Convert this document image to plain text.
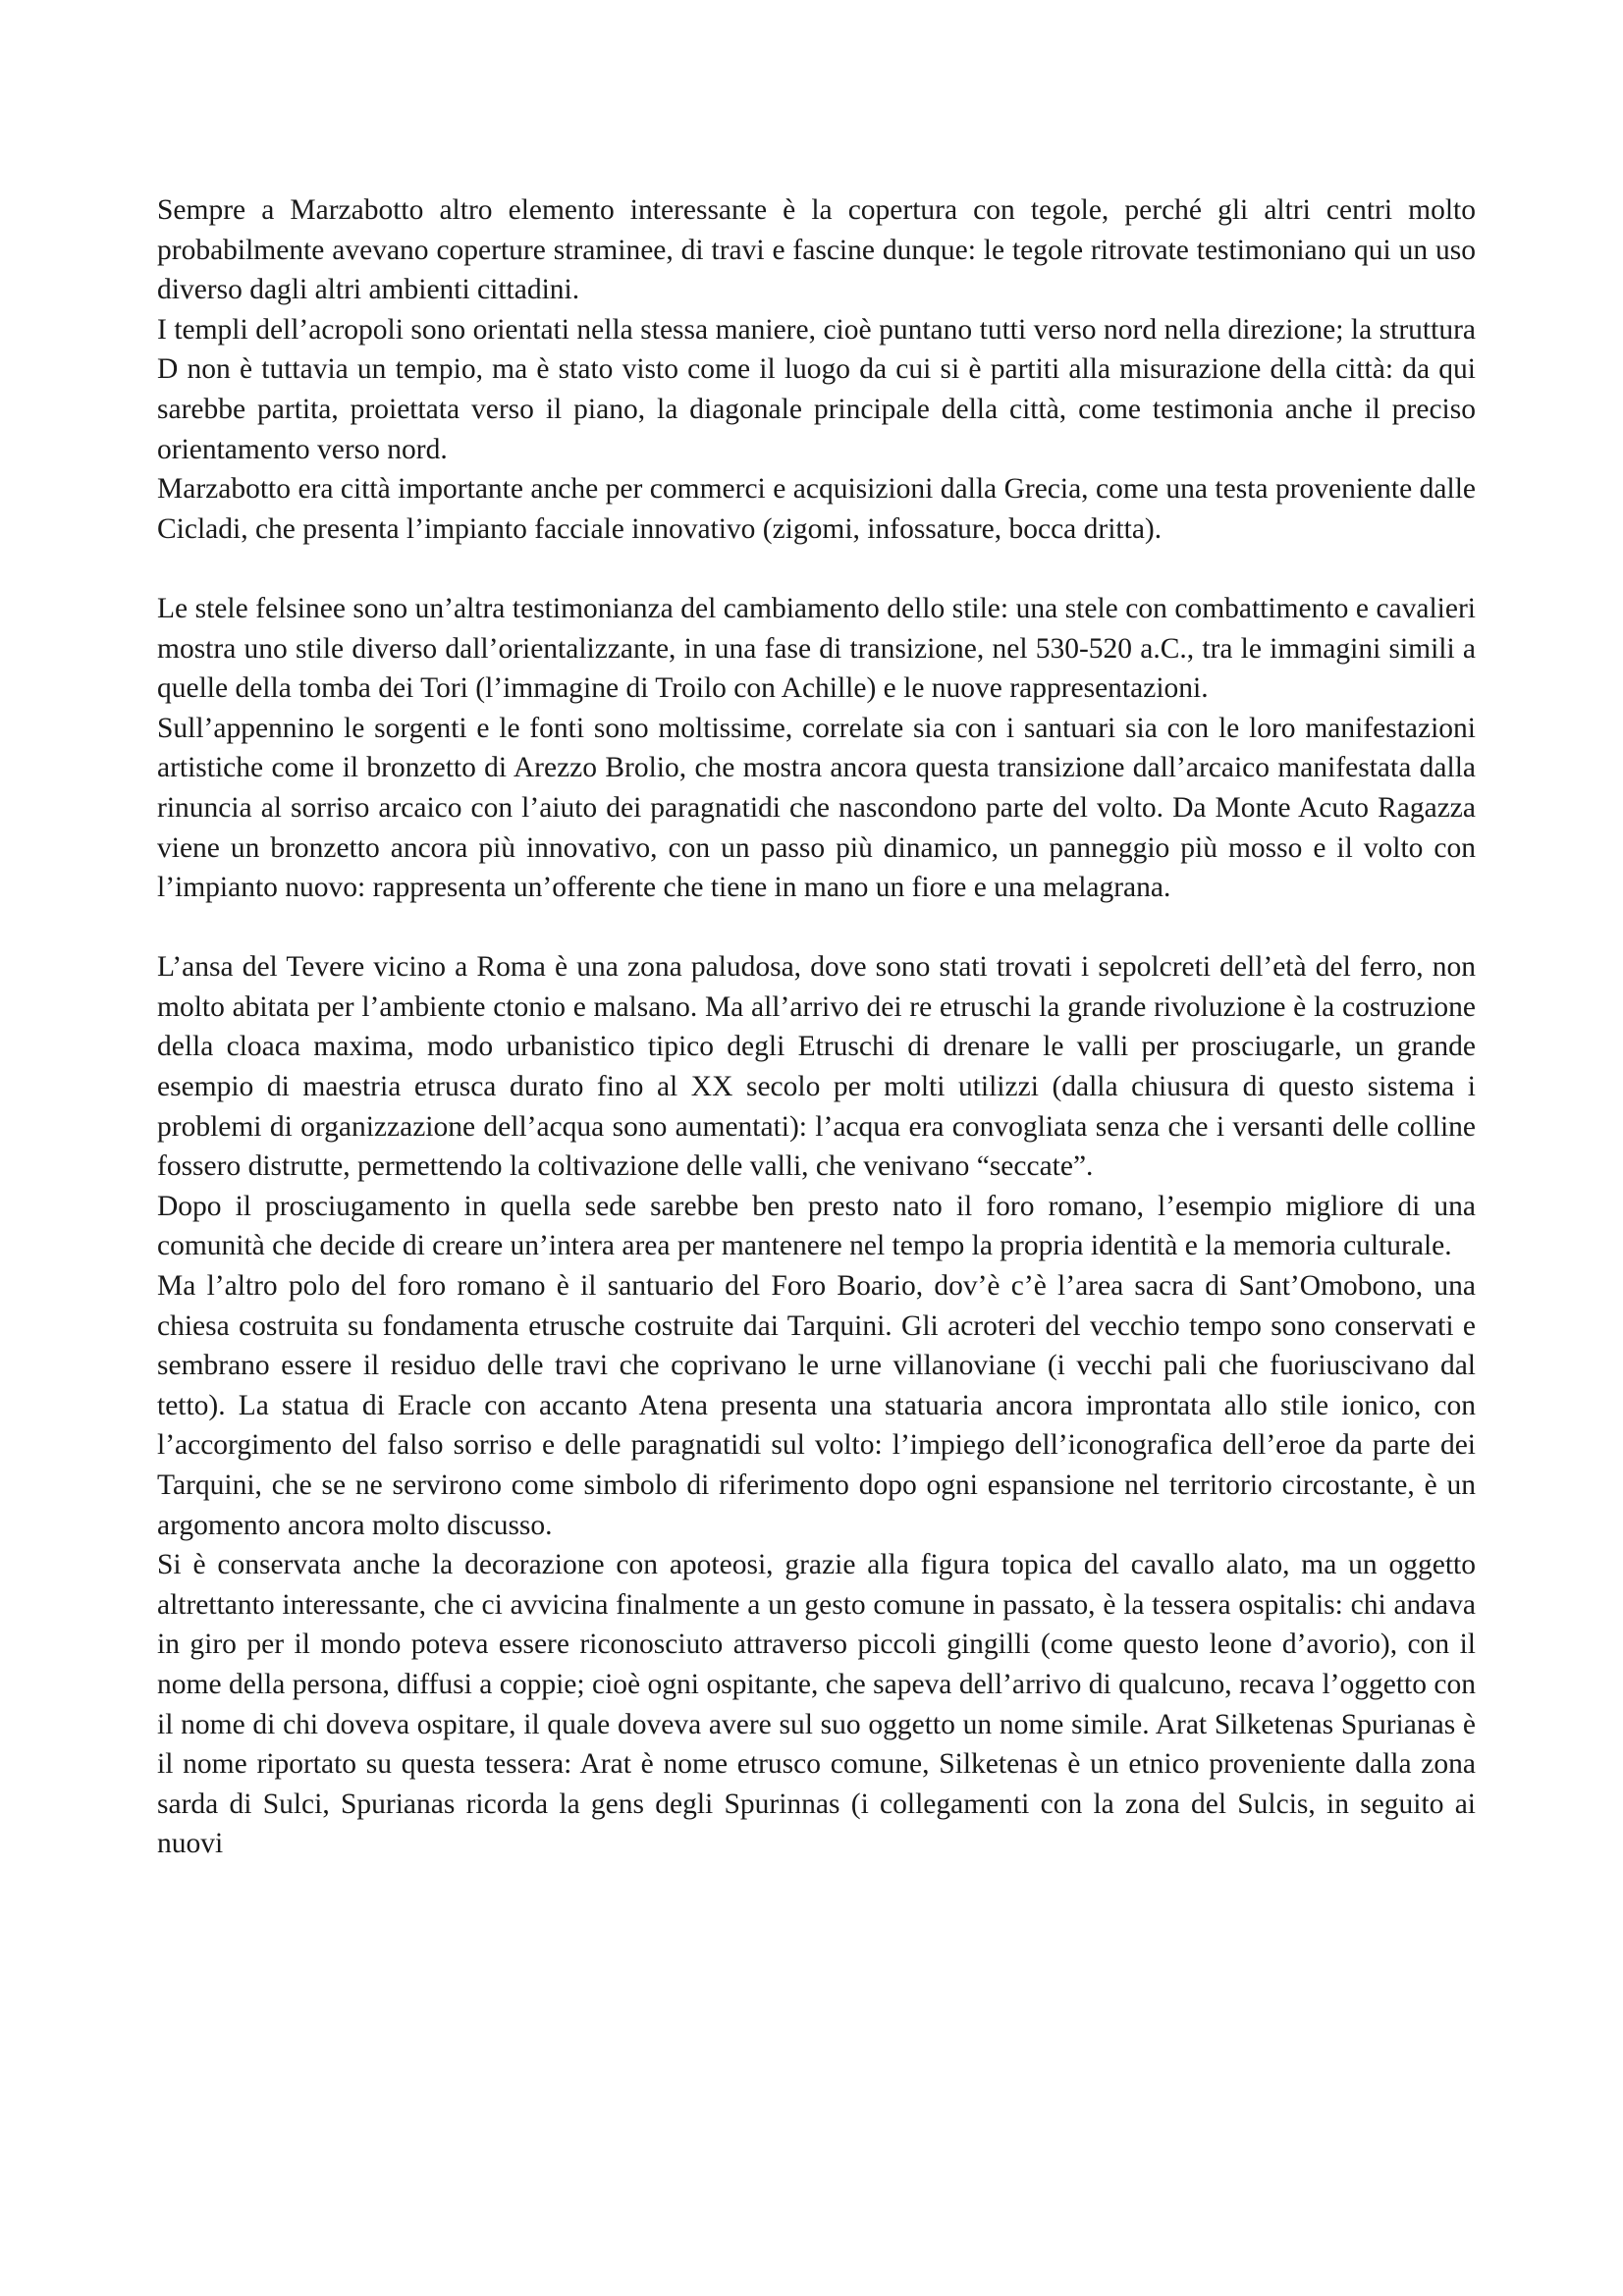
Sempre a Marzabotto altro elemento interessante è la copertura con tegole, perché gli altri centri molto probabilmente avevano coperture straminee, di travi e fascine dunque: le tegole ritrovate testimoniano qui un uso diverso dagli altri ambienti cittadini.

I templi dell’acropoli sono orientati nella stessa maniere, cioè puntano tutti verso nord nella direzione; la struttura D non è tuttavia un tempio, ma è stato visto come il luogo da cui si è partiti alla misurazione della città: da qui sarebbe partita, proiettata verso il piano, la diagonale principale della città, come testimonia anche il preciso orientamento verso nord.

Marzabotto era città importante anche per commerci e acquisizioni dalla Grecia, come una testa proveniente dalle Cicladi, che presenta l’impianto facciale innovativo (zigomi, infossature, bocca dritta).

Le stele felsinee sono un’altra testimonianza del cambiamento dello stile: una stele con combattimento e cavalieri mostra uno stile diverso dall’orientalizzante, in una fase di transizione, nel 530-520 a.C., tra le immagini simili a quelle della tomba dei Tori (l’immagine di Troilo con Achille) e le nuove rappresentazioni.

Sull’appennino le sorgenti e le fonti sono moltissime, correlate sia con i santuari sia con le loro manifestazioni artistiche come il bronzetto di Arezzo Brolio, che mostra ancora questa transizione dall’arcaico manifestata dalla rinuncia al sorriso arcaico con l’aiuto dei paragnatidi che nascondono parte del volto. Da Monte Acuto Ragazza viene un bronzetto ancora più innovativo, con un passo più dinamico, un panneggio più mosso e il volto con l’impianto nuovo: rappresenta un’offerente che tiene in mano un fiore e una melagrana.

L’ansa del Tevere vicino a Roma è una zona paludosa, dove sono stati trovati i sepolcreti dell’età del ferro, non molto abitata per l’ambiente ctonio e malsano. Ma all’arrivo dei re etruschi la grande rivoluzione è la costruzione della cloaca maxima, modo urbanistico tipico degli Etruschi di drenare le valli per prosciugarle, un grande esempio di maestria etrusca durato fino al XX secolo per molti utilizzi (dalla chiusura di questo sistema i problemi di organizzazione dell’acqua sono aumentati): l’acqua era convogliata senza che i versanti delle colline fossero distrutte, permettendo la coltivazione delle valli, che venivano “seccate”.

Dopo il prosciugamento in quella sede sarebbe ben presto nato il foro romano, l’esempio migliore di una comunità che decide di creare un’intera area per mantenere nel tempo la propria identità e la memoria culturale.

Ma l’altro polo del foro romano è il santuario del Foro Boario, dov’è c’è l’area sacra di Sant’Omobono, una chiesa costruita su fondamenta etrusche costruite dai Tarquini. Gli acroteri del vecchio tempo sono conservati e sembrano essere il residuo delle travi che coprivano le urne villanoviane (i vecchi pali che fuoriuscivano dal tetto). La statua di Eracle con accanto Atena presenta una statuaria ancora improntata allo stile ionico, con l’accorgimento del falso sorriso e delle paragnatidi sul volto: l’impiego dell’iconografica dell’eroe da parte dei Tarquini, che se ne servirono come simbolo di riferimento dopo ogni espansione nel territorio circostante, è un argomento ancora molto discusso.

Si è conservata anche la decorazione con apoteosi, grazie alla figura topica del cavallo alato, ma un oggetto altrettanto interessante, che ci avvicina finalmente a un gesto comune in passato, è la tessera ospitalis: chi andava in giro per il mondo poteva essere riconosciuto attraverso piccoli gingilli (come questo leone d’avorio), con il nome della persona, diffusi a coppie; cioè ogni ospitante, che sapeva dell’arrivo di qualcuno, recava l’oggetto con il nome di chi doveva ospitare, il quale doveva avere sul suo oggetto un nome simile. Arat Silketenas Spurianas è il nome riportato su questa tessera: Arat è nome etrusco comune, Silketenas è un etnico proveniente dalla zona sarda di Sulci, Spurianas ricorda la gens degli Spurinnas (i collegamenti con la zona del Sulcis, in seguito ai nuovi
